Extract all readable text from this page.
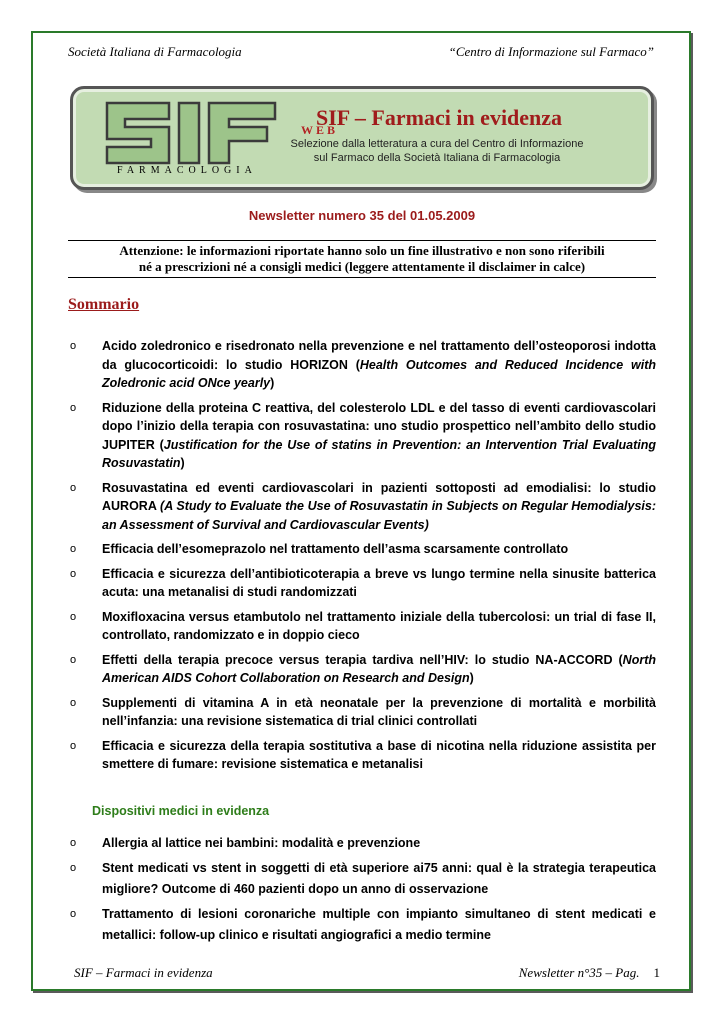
Società Italiana di Farmacologia	“Centro di Informazione sul Farmaco”
WEB
FARMACOLOGIA
SIF – Farmaci in evidenza
Selezione dalla letteratura a cura del Centro di Informazione
sul Farmaco della Società Italiana di Farmacologia
Newsletter numero 35 del 01.05.2009
Attenzione: le informazioni riportate hanno solo un fine illustrativo e non sono riferibili
né a prescrizioni né a consigli medici (leggere attentamente il disclaimer in calce)
Sommario
o Acido zoledronico e risedronato nella prevenzione e nel trattamento dell’osteoporosi indotta da glucocorticoidi: lo studio HORIZON (Health Outcomes and Reduced Incidence with Zoledronic acid ONce yearly)
o Riduzione della proteina C reattiva, del colesterolo LDL e del tasso di eventi cardiovascolari dopo l’inizio della terapia con rosuvastatina: uno studio prospettico nell’ambito dello studio JUPITER (Justification for the Use of statins in Prevention: an Intervention Trial Evaluating Rosuvastatin)
o Rosuvastatina ed eventi cardiovascolari in pazienti sottoposti ad emodialisi: lo studio AURORA (A Study to Evaluate the Use of Rosuvastatin in Subjects on Regular Hemodialysis: an Assessment of Survival and Cardiovascular Events)
o Efficacia dell’esomeprazolo nel trattamento dell’asma scarsamente controllato
o Efficacia e sicurezza dell’antibioticoterapia a breve vs lungo termine nella sinusite batterica acuta: una metanalisi di studi randomizzati
o Moxifloxacina versus etambutolo nel trattamento iniziale della tubercolosi: un trial di fase II, controllato, randomizzato e in doppio cieco
o Effetti della terapia precoce versus terapia tardiva nell’HIV: lo studio NA-ACCORD (North American AIDS Cohort Collaboration on Research and Design)
o Supplementi di vitamina A in età neonatale per la prevenzione di mortalità e morbilità nell’infanzia: una revisione sistematica di trial clinici controllati
o Efficacia e sicurezza della terapia sostitutiva a base di nicotina nella riduzione assistita per smettere di fumare: revisione sistematica e metanalisi
Dispositivi medici in evidenza
o Allergia al lattice nei bambini: modalità e prevenzione
o Stent medicati vs stent in soggetti di età superiore ai75 anni: qual è la strategia terapeutica migliore? Outcome di 460 pazienti dopo un anno di osservazione
o Trattamento di lesioni coronariche multiple con impianto simultaneo di stent medicati e metallici: follow-up clinico e risultati angiografici a medio termine
SIF – Farmaci in evidenza	Newsletter n°35 – Pag. 1
